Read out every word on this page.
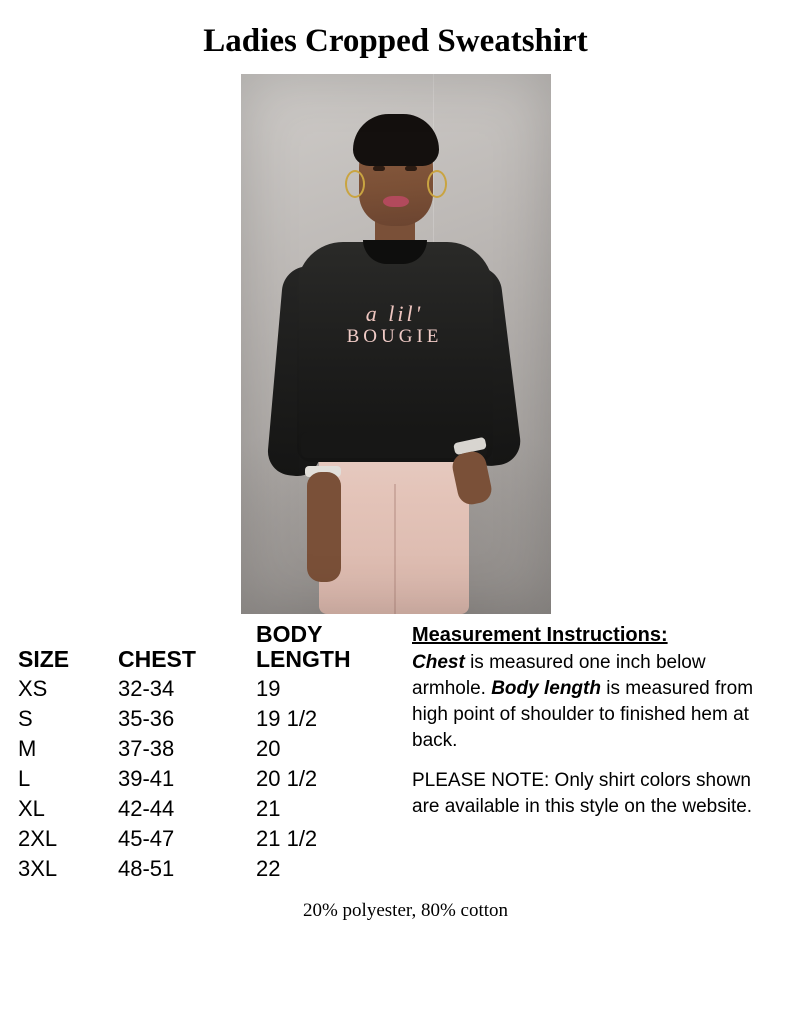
Ladies Cropped Sweatshirt
a lil'
BOUGIE
SIZE	CHEST	BODY
LENGTH

XS	32-34	19
S	35-36	19 1/2
M	37-38	20
L	39-41	20 1/2
XL	42-44	21
2XL	45-47	21 1/2
3XL	48-51	22
Measurement Instructions:

Chest is measured one inch below armhole. Body length is measured from high point of shoulder to finished hem at back.

PLEASE NOTE: Only shirt colors shown are available in this style on the website.

20% polyester, 80% cotton
